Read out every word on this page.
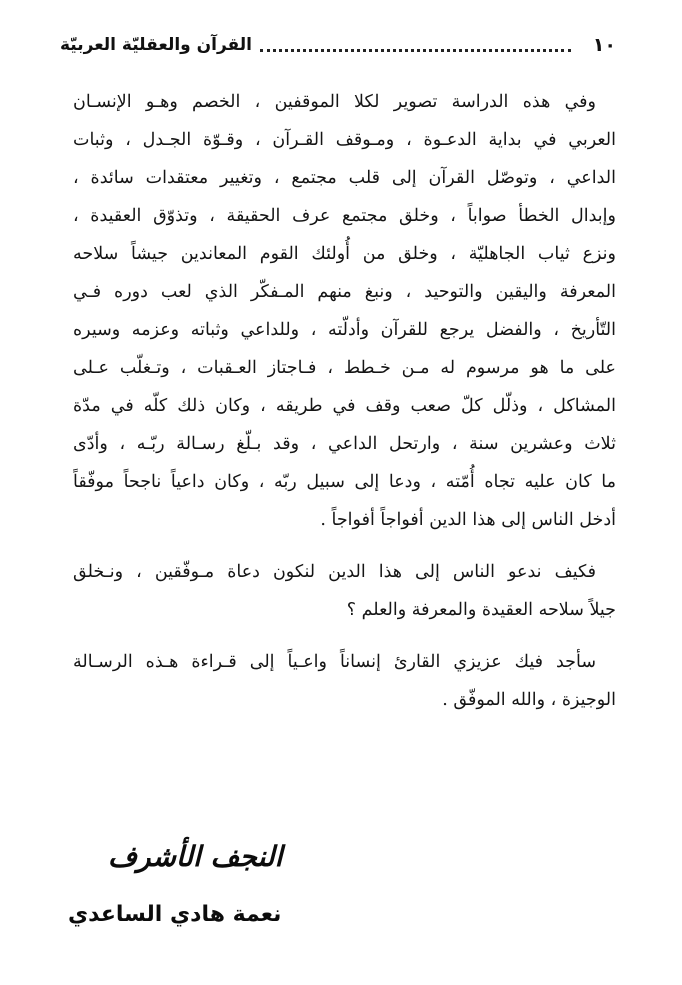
١٠
القرآن والعقليّة العربيّة
وفي هذه الدراسة تصوير لكلا الموقفين ، الخصم وهـو الإنسـان
العربي في بداية الدعـوة ، ومـوقف القـرآن ، وقـوّة الجـدل ، وثبات
الداعي ، وتوصّل القرآن إلى قلب مجتمع ، وتغيير معتقدات سائدة ،
وإبدال الخطأ صواباً ، وخلق مجتمع عرف الحقيقة ، وتذوّق العقيدة ،
ونزع ثياب الجاهليّة ، وخلق من أُولئك القوم المعاندين جيشاً سلاحه
المعرفة واليقين والتوحيد ، ونبغ منهم المـفكّر الذي لعب دوره فـي
التّأريخ ، والفضل يرجع للقرآن وأدلّته ، وللداعي وثباته وعزمه وسيره
على ما هو مرسوم له مـن خـطط ، فـاجتاز العـقبات ، وتـغلّب عـلى
المشاكل ، وذلّل كلّ صعب وقف في طريقه ، وكان ذلك كلّه في مدّة
ثلاث وعشرين سنة ، وارتحل الداعي ، وقد بـلّغ رسـالة ربّـه ، وأدّى
ما كان عليه تجاه أُمّته ، ودعا إلى سبيل ربّه ، وكان داعياً ناجحاً موفّقاً
أدخل الناس إلى هذا الدين أفواجاً أفواجاً .
فكيف ندعو الناس إلى هذا الدين لنكون دعاة مـوفّقين ، ونـخلق
جيلاً سلاحه العقيدة والمعرفة والعلم ؟
سأجد فيك عزيزي القارئ إنساناً واعـياً إلى قـراءة هـذه الرسـالة
الوجيزة ، والله الموفّق .
النجف الأشرف
نعمة هادي الساعدي
